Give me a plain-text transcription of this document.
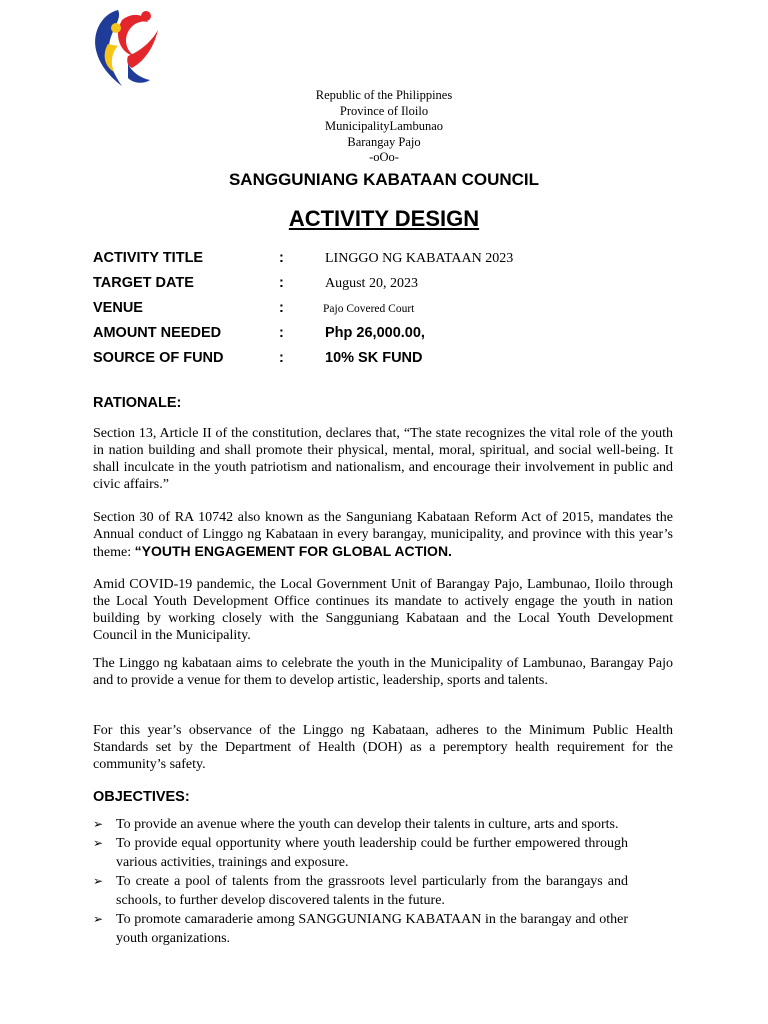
Republic of the Philippines
Province of Iloilo
MunicipalityLambunao
Barangay Pajo
-oOo-
SANGGUNIANG KABATAAN COUNCIL
ACTIVITY DESIGN
ACTIVITY TITLE	:	LINGGO NG KABATAAN 2023
TARGET DATE	:	August 20, 2023
VENUE	:	Pajo Covered Court
AMOUNT NEEDED	:	Php 26,000.00,
SOURCE OF FUND	:	10% SK FUND
RATIONALE:
Section 13, Article II of the constitution, declares that, “The state recognizes the vital role of the youth in nation building and shall promote their physical, mental, moral, spiritual, and social well-being. It shall inculcate in the youth patriotism and nationalism, and encourage their involvement in public and civic affairs.”
Section 30 of RA 10742 also known as the Sanguniang Kabataan Reform Act of 2015, mandates the Annual conduct of Linggo ng Kabataan in every barangay, municipality, and province with this year’s theme: “YOUTH ENGAGEMENT FOR GLOBAL ACTION.
Amid COVID-19 pandemic, the Local Government Unit of Barangay Pajo, Lambunao, Iloilo through the Local Youth Development Office continues its mandate to actively engage the youth in nation building by working closely with the Sangguniang Kabataan and the Local Youth Development Council in the Municipality.
The Linggo ng kabataan aims to celebrate the youth in the Municipality of Lambunao, Barangay Pajo and to provide a venue for them to develop artistic, leadership, sports and talents.
For this year’s observance of the Linggo ng Kabataan, adheres to the Minimum Public Health Standards set by the Department of Health (DOH) as a peremptory health requirement for the community’s safety.
OBJECTIVES:
➢ To provide an avenue where the youth can develop their talents in culture, arts and sports.
➢ To provide equal opportunity where youth leadership could be further empowered through various activities, trainings and exposure.
➢ To create a pool of talents from the grassroots level particularly from the barangays and schools, to further develop discovered talents in the future.
➢ To promote camaraderie among SANGGUNIANG KABATAAN in the barangay and other youth organizations.
